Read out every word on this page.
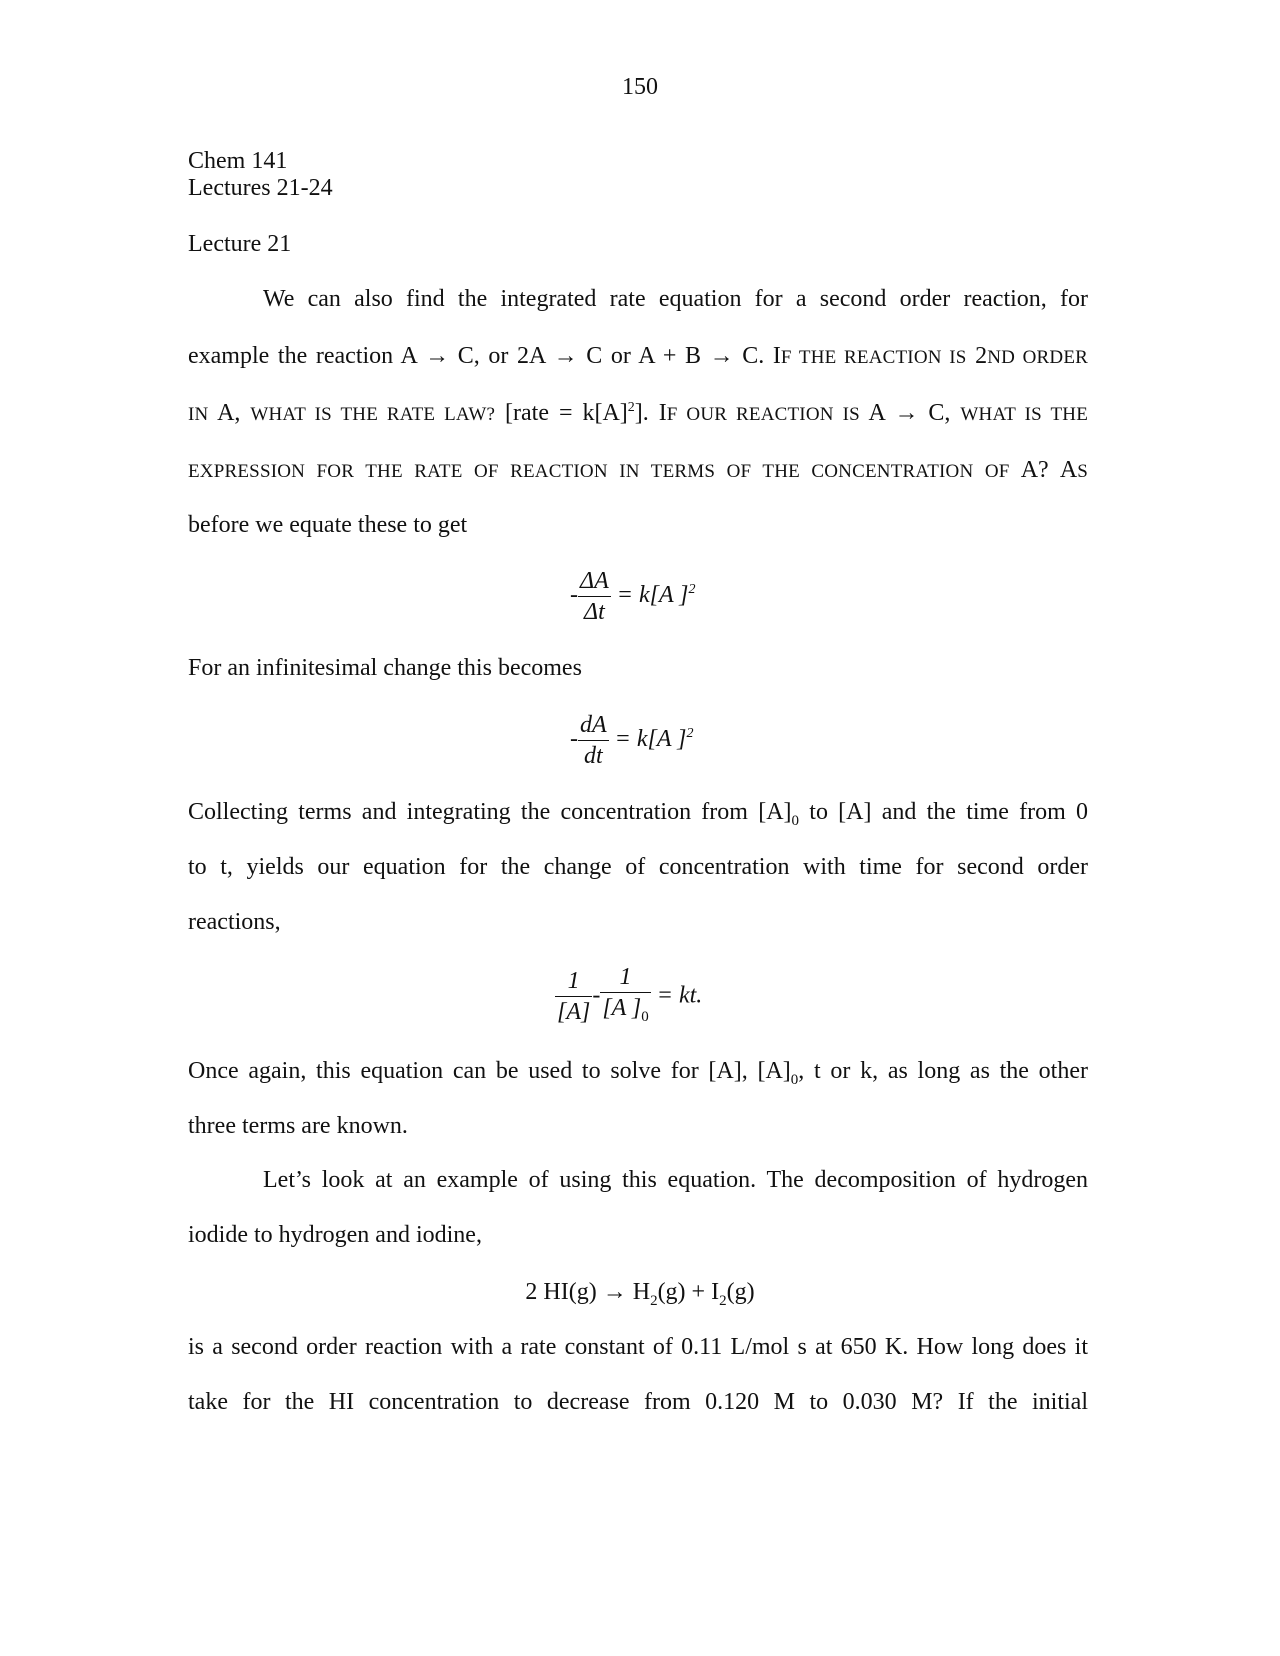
150
Chem 141
Lectures 21-24
Lecture 21
We can also find the integrated rate equation for a second order reaction, for
example the reaction A → C, or 2A → C or A + B → C. IF THE REACTION IS 2ND ORDER
IN A, WHAT IS THE RATE LAW? [rate = $k[A]^2$]. IF OUR REACTION IS A → C, WHAT IS THE
EXPRESSION FOR THE RATE OF REACTION IN TERMS OF THE CONCENTRATION OF A? AS
before we equate these to get
- $\frac{\Delta A}{\Delta t} = k[A$ ]$^2$
For an infinitesimal change this becomes
- $\frac{dA}{dt} = k[A$ ]$^2$
Collecting terms and integrating the concentration from $[A]_0$ to [A] and the time from 0
to t, yields our equation for the change of concentration with time for second order
reactions,
$\frac{1}{[A]} - \frac{1}{[A ]_0}$ = kt.
Once again, this equation can be used to solve for [A], $[A]_0$, t or k, as long as the other
three terms are known.
Let’s look at an example of using this equation. The decomposition of hydrogen
iodide to hydrogen and iodine,
2 $HI(g) \to H_2(g) + I_2(g)$
is a second order reaction with a rate constant of 0.11 L/mol s at 650 K. How long does it
take for the HI concentration to decrease from 0.120 M to 0.030 M? If the initial
